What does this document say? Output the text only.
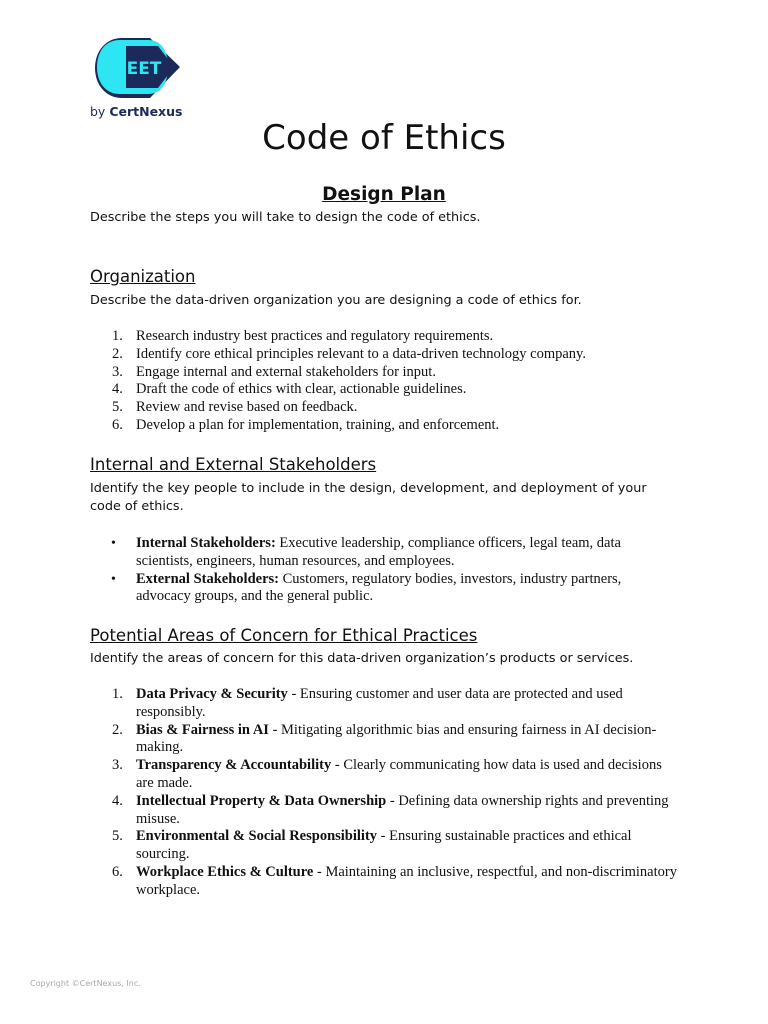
EET
by CertNexus
Code of Ethics
Design Plan
Describe the steps you will take to design the code of ethics.
Organization
Describe the data-driven organization you are designing a code of ethics for.
1. Research industry best practices and regulatory requirements.
2. Identify core ethical principles relevant to a data-driven technology company.
3. Engage internal and external stakeholders for input.
4. Draft the code of ethics with clear, actionable guidelines.
5. Review and revise based on feedback.
6. Develop a plan for implementation, training, and enforcement.
Internal and External Stakeholders
Identify the key people to include in the design, development, and deployment of your code of ethics.
• Internal Stakeholders: Executive leadership, compliance officers, legal team, data scientists, engineers, human resources, and employees.
• External Stakeholders: Customers, regulatory bodies, investors, industry partners, advocacy groups, and the general public.
Potential Areas of Concern for Ethical Practices
Identify the areas of concern for this data-driven organization’s products or services.
1. Data Privacy & Security - Ensuring customer and user data are protected and used responsibly.
2. Bias & Fairness in AI - Mitigating algorithmic bias and ensuring fairness in AI decision-making.
3. Transparency & Accountability - Clearly communicating how data is used and decisions are made.
4. Intellectual Property & Data Ownership - Defining data ownership rights and preventing misuse.
5. Environmental & Social Responsibility - Ensuring sustainable practices and ethical sourcing.
6. Workplace Ethics & Culture - Maintaining an inclusive, respectful, and non-discriminatory workplace.
Copyright ©CertNexus, Inc.
